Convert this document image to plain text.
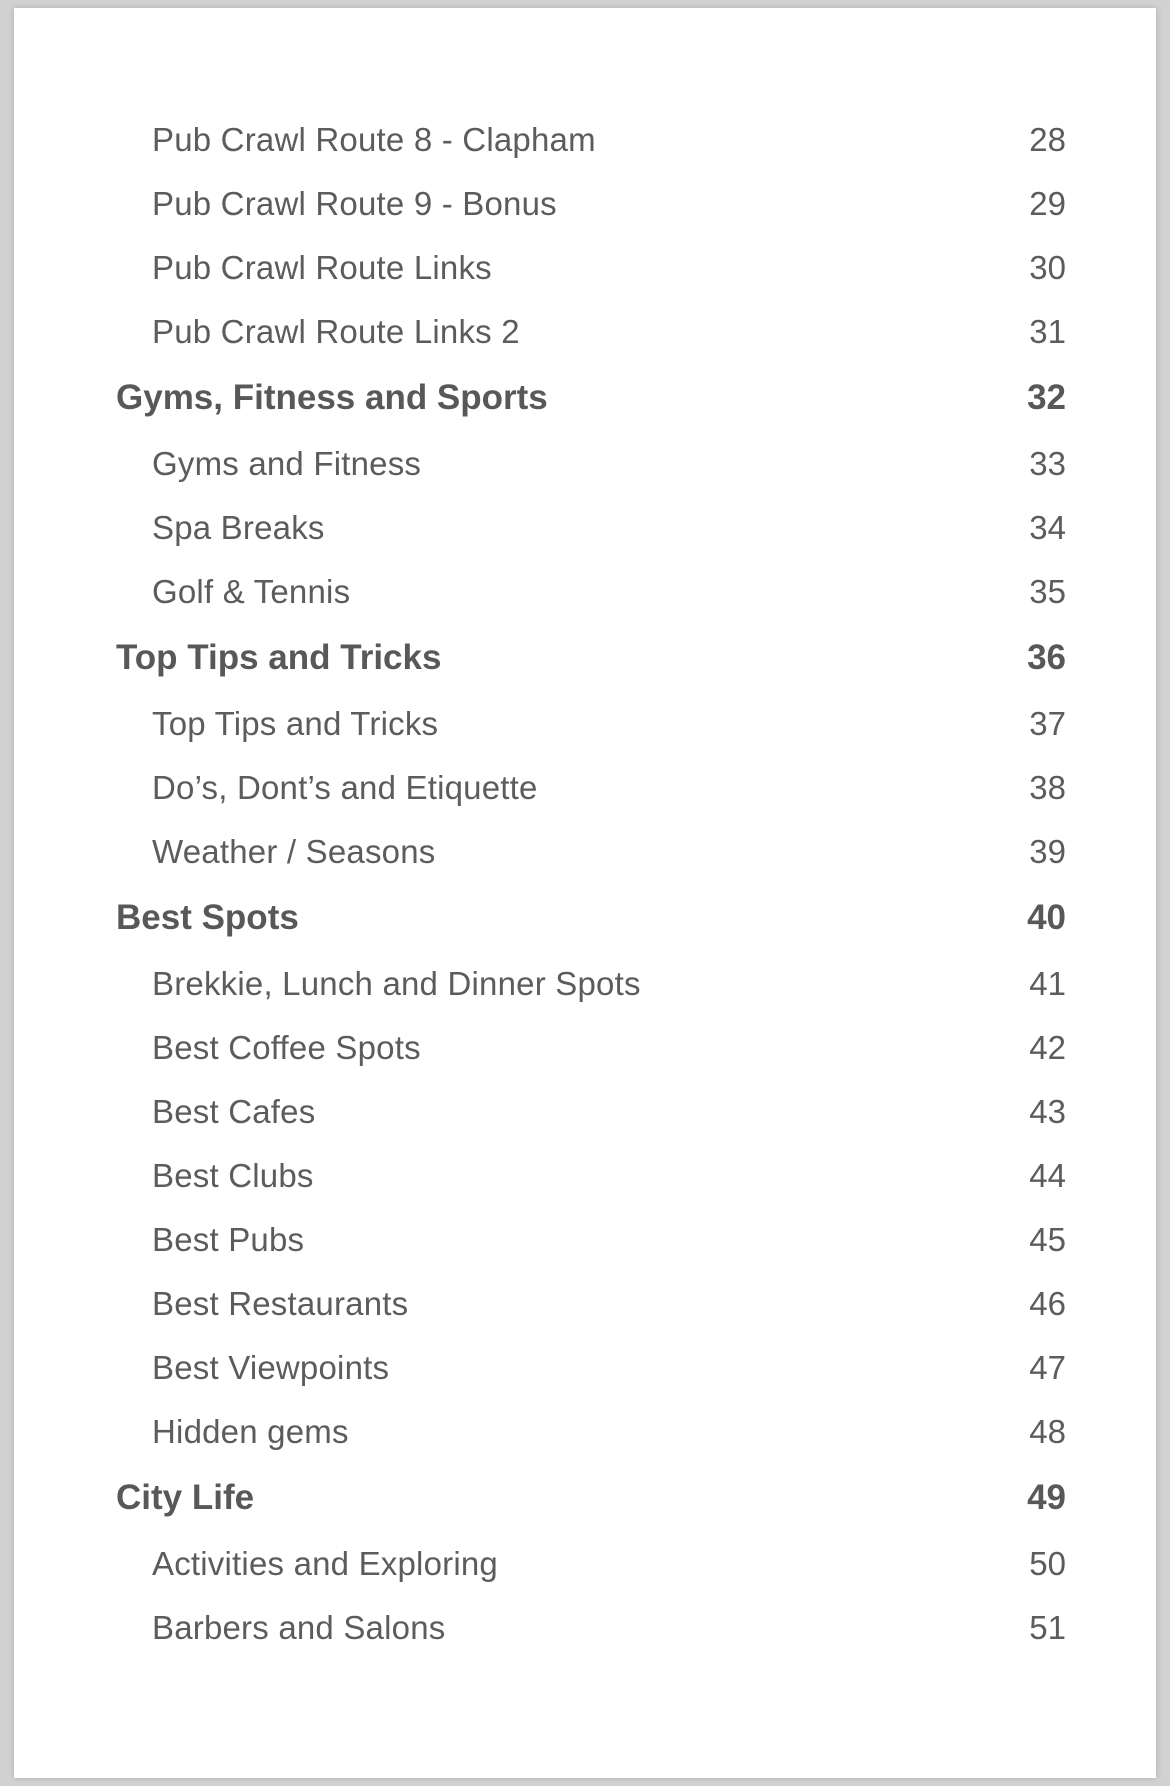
Pub Crawl Route 8 - Clapham	28
Pub Crawl Route 9 - Bonus	29
Pub Crawl Route Links	30
Pub Crawl Route Links 2	31
Gyms, Fitness and Sports	32
Gyms and Fitness	33
Spa Breaks	34
Golf & Tennis	35
Top Tips and Tricks	36
Top Tips and Tricks	37
Do’s, Dont’s and Etiquette	38
Weather / Seasons	39
Best Spots	40
Brekkie, Lunch and Dinner Spots	41
Best Coffee Spots	42
Best Cafes	43
Best Clubs	44
Best Pubs	45
Best Restaurants	46
Best Viewpoints	47
Hidden gems	48
City Life	49
Activities and Exploring	50
Barbers and Salons	51
